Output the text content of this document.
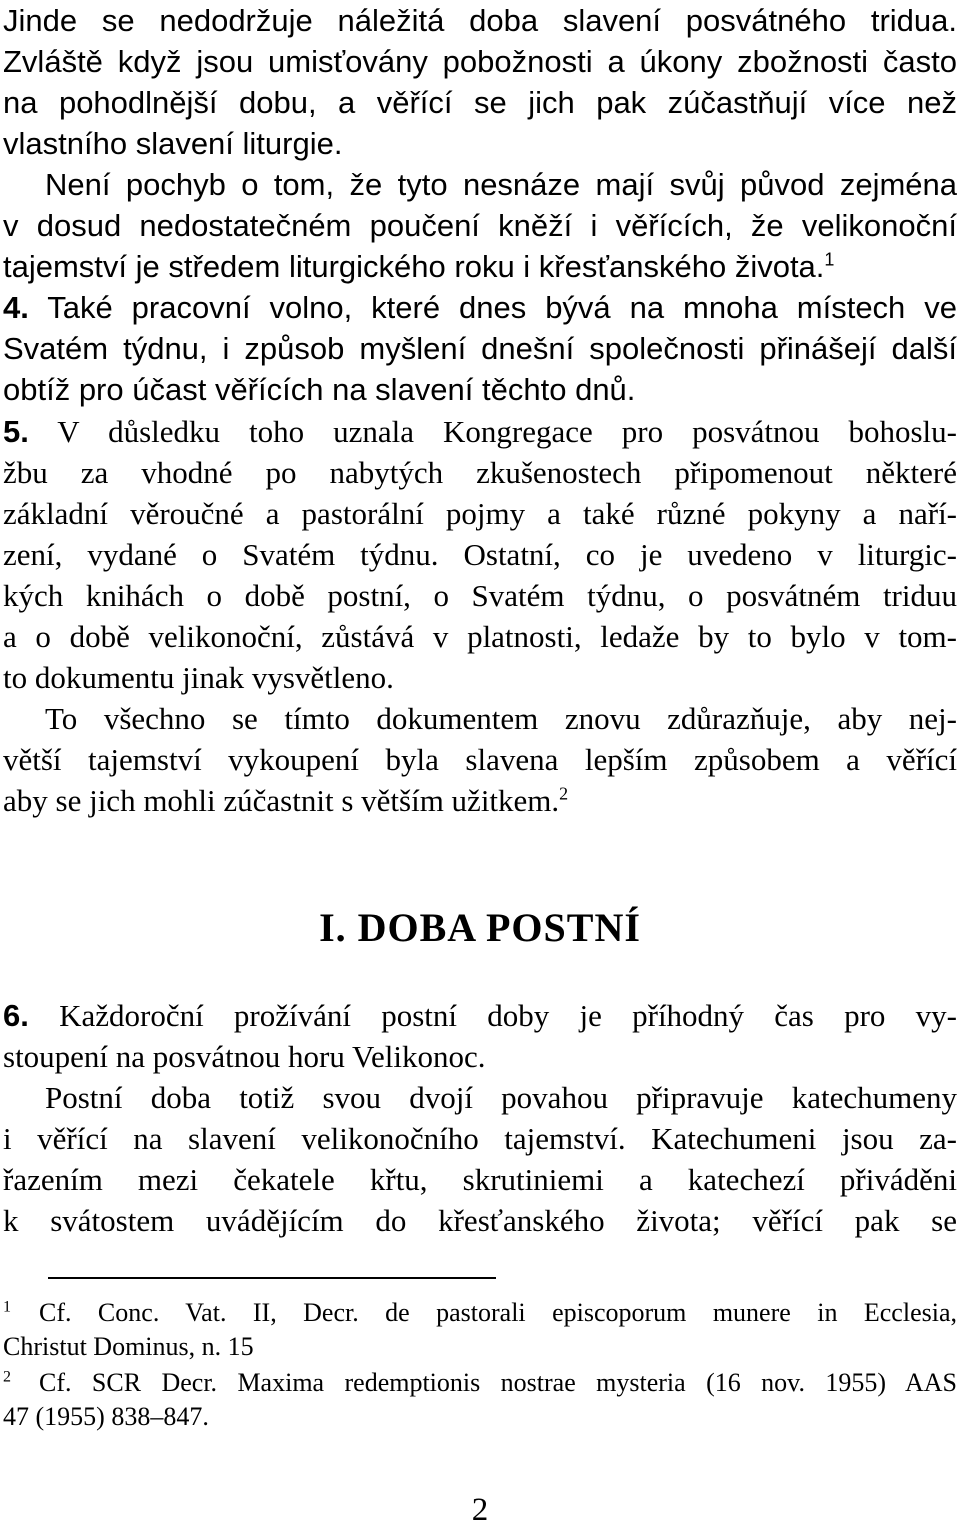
Jinde se nedodržuje náležitá doba slavení posvátného tridua.
Zvláště když jsou umisťovány pobožnosti a úkony zbožnosti často
na pohodlnější dobu, a věřící se jich pak zúčastňují více než
vlastního slavení liturgie.
Není pochyb o tom, že tyto nesnáze mají svůj původ zejména
v dosud nedostatečném poučení kněží i věřících, že velikonoční
tajemství je středem liturgického roku i křesťanského života.$^1$
4. Také pracovní volno, které dnes bývá na mnoha místech ve
Svatém týdnu, i způsob myšlení dnešní společnosti přinášejí další
obtíž pro účast věřících na slavení těchto dnů.
5. V důsledku toho uznala Kongregace pro posvátnou bohoslu-
žbu za vhodné po nabytých zkušenostech připomenout některé
základní věroučné a pastorální pojmy a také různé pokyny a naří-
zení, vydané o Svatém týdnu. Ostatní, co je uvedeno v liturgic-
kých knihách o době postní, o Svatém týdnu, o posvátném triduu
a o době velikonoční, zůstává v platnosti, ledaže by to bylo v tom-
to dokumentu jinak vysvětleno.
To všechno se tímto dokumentem znovu zdůrazňuje, aby nej-
větší tajemství vykoupení byla slavena lepším způsobem a věřící
aby se jich mohli zúčastnit s větším užitkem.$^2$
I. DOBA POSTNÍ
6. Každoroční prožívání postní doby je příhodný čas pro vy-
stoupení na posvátnou horu Velikonoc.
Postní doba totiž svou dvojí povahou připravuje katechumeny
i věřící na slavení velikonočního tajemství. Katechumeni jsou za-
řazením mezi čekatele křtu, skrutiniemi a katechezí přiváděni
k svátostem uvádějícím do křesťanského života; věřící pak se
$^1$ Cf. Conc. Vat. II, Decr. de pastorali episcoporum munere in Ecclesia,
Christut Dominus, n. 15
$^2$ Cf. SCR Decr. Maxima redemptionis nostrae mysteria (16 nov. 1955) AAS
47 (1955) 838–847.
2
